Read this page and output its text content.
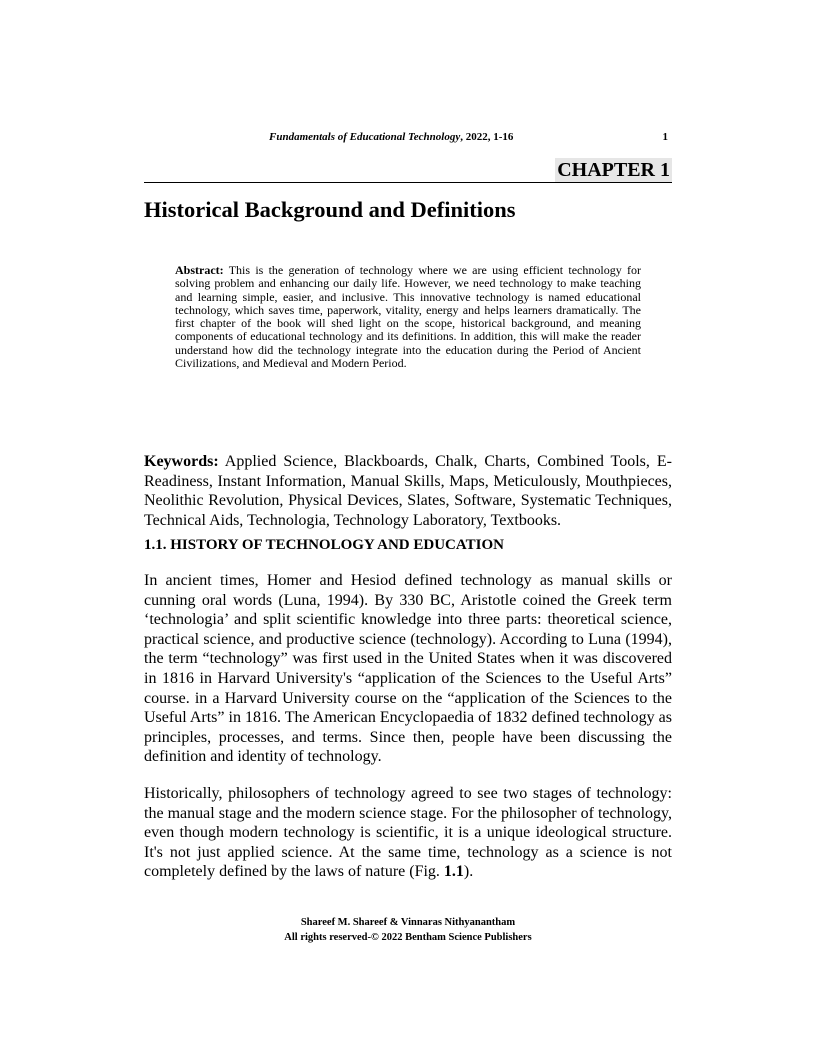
Fundamentals of Educational Technology, 2022, 1-16	1
CHAPTER 1
Historical Background and Definitions
Abstract: This is the generation of technology where we are using efficient technology for solving problem and enhancing our daily life. However, we need technology to make teaching and learning simple, easier, and inclusive. This innovative technology is named educational technology, which saves time, paperwork, vitality, energy and helps learners dramatically. The first chapter of the book will shed light on the scope, historical background, and meaning components of educational technology and its definitions. In addition, this will make the reader understand how did the technology integrate into the education during the Period of Ancient Civilizations, and Medieval and Modern Period.

Keywords: Applied Science, Blackboards, Chalk, Charts, Combined Tools, E-Readiness, Instant Information, Manual Skills, Maps, Meticulously, Mouthpieces, Neolithic Revolution, Physical Devices, Slates, Software, Systematic Techniques, Technical Aids, Technologia, Technology Laboratory, Textbooks.

1.1. HISTORY OF TECHNOLOGY AND EDUCATION

In ancient times, Homer and Hesiod defined technology as manual skills or cunning oral words (Luna, 1994). By 330 BC, Aristotle coined the Greek term ‘technologia’ and split scientific knowledge into three parts: theoretical science, practical science, and productive science (technology). According to Luna (1994), the term “technology” was first used in the United States when it was discovered in 1816 in Harvard University's “application of the Sciences to the Useful Arts” course. in a Harvard University course on the “application of the Sciences to the Useful Arts” in 1816. The American Encyclopaedia of 1832 defined technology as principles, processes, and terms. Since then, people have been discussing the definition and identity of technology.

Historically, philosophers of technology agreed to see two stages of technology: the manual stage and the modern science stage. For the philosopher of technology, even though modern technology is scientific, it is a unique ideological structure. It's not just applied science. At the same time, technology as a science is not completely defined by the laws of nature (Fig. 1.1).

Shareef M. Shareef & Vinnaras Nithyanantham
All rights reserved-© 2022 Bentham Science Publishers
